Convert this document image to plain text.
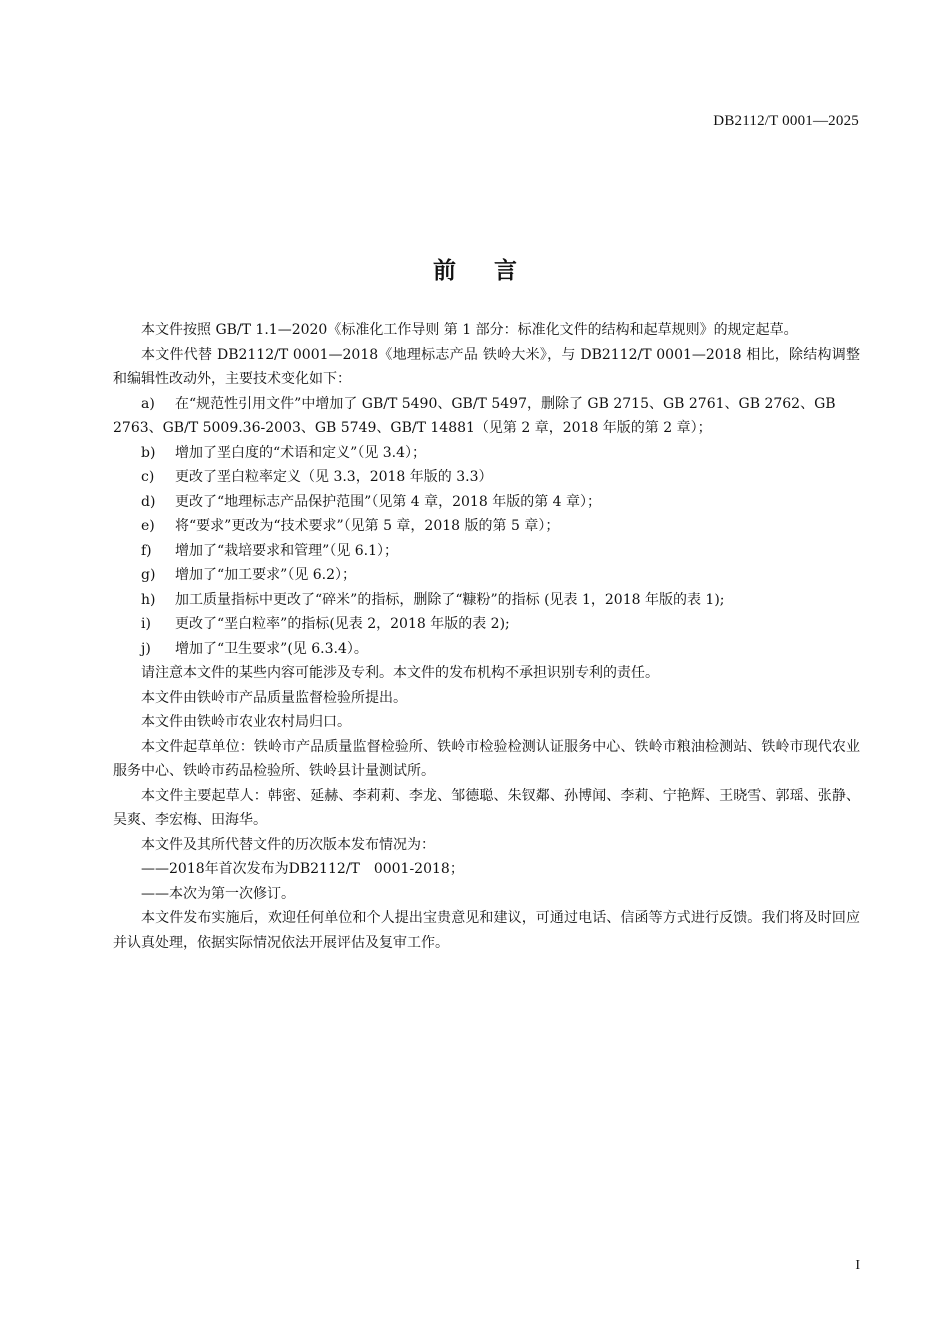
DB2112/T 0001—2025
前言

本文件按照 GB/T 1.1—2020《标准化工作导则 第 1 部分：标准化文件的结构和起草规则》的规定起草。

本文件代替 DB2112/T 0001—2018《地理标志产品 铁岭大米》，与 DB2112/T 0001—2018 相比，除结构调整和编辑性改动外，主要技术变化如下：

a) 在“规范性引用文件”中增加了 GB/T 5490、GB/T 5497，删除了 GB 2715、GB 2761、GB 2762、GB 2763、GB/T 5009.36-2003、GB 5749、GB/T 14881（见第 2 章，2018 年版的第 2 章）；

b) 增加了垩白度的“术语和定义”（见 3.4）；

c) 更改了垩白粒率定义（见 3.3，2018 年版的 3.3）

d) 更改了“地理标志产品保护范围”（见第 4 章，2018 年版的第 4 章）；

e) 将“要求”更改为“技术要求”（见第 5 章，2018 版的第 5 章）；

f) 增加了“栽培要求和管理”（见 6.1）；

g) 增加了“加工要求”（见 6.2）；

h) 加工质量指标中更改了“碎米”的指标，删除了“糠粉”的指标 (见表 1，2018 年版的表 1);

i) 更改了“垩白粒率”的指标(见表 2，2018 年版的表 2);

j) 增加了“卫生要求”(见 6.3.4）。

请注意本文件的某些内容可能涉及专利。本文件的发布机构不承担识别专利的责任。

本文件由铁岭市产品质量监督检验所提出。

本文件由铁岭市农业农村局归口。

本文件起草单位：铁岭市产品质量监督检验所、铁岭市检验检测认证服务中心、铁岭市粮油检测站、铁岭市现代农业服务中心、铁岭市药品检验所、铁岭县计量测试所。

本文件主要起草人：韩密、延赫、李莉莉、李龙、邹德聪、朱钗鄰、孙博闻、李莉、宁艳辉、王晓雪、郭瑶、张静、吴爽、李宏梅、田海华。

本文件及其所代替文件的历次版本发布情况为：

——2018年首次发布为DB2112/T　0001-2018；

——本次为第一次修订。

本文件发布实施后，欢迎任何单位和个人提出宝贵意见和建议，可通过电话、信函等方式进行反馈。我们将及时回应并认真处理，依据实际情况依法开展评估及复审工作。

I
